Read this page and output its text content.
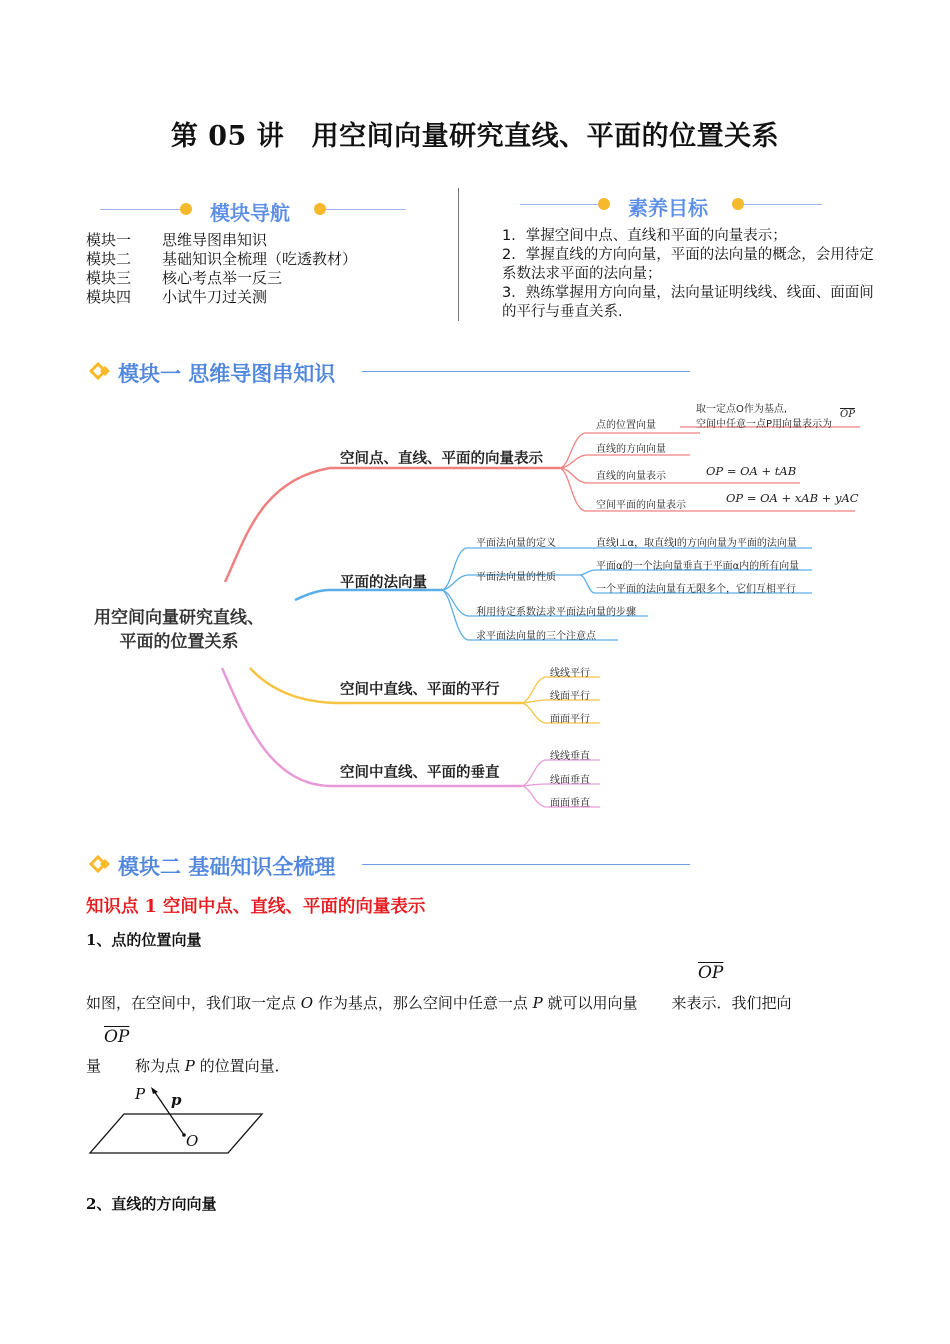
第 05 讲　用空间向量研究直线、平面的位置关系
模块导航
模块一 思维导图串知识
模块二 基础知识全梳理（吃透教材）
模块三 核心考点举一反三
模块四 小试牛刀过关测
素养目标
1．掌握空间中点、直线和平面的向量表示；
2．掌握直线的方向向量，平面的法向量的概念，会用待定系数法求平面的法向量；
3．熟练掌握用方向向量，法向量证明线线、线面、面面间的平行与垂直关系.
模块一 思维导图串知识
用空间向量研究直线、
平面的位置关系
空间点、直线、平面的向量表示
点的位置向量
直线的方向向量
直线的向量表示
空间平面的向量表示
取一定点O作为基点,
空间中任意一点P用向量表示为
$\overline{OP}$
OP = OA + tAB
OP = OA + xAB + yAC
平面的法向量
平面法向量的定义
平面法向量的性质
利用待定系数法求平面法向量的步骤
求平面法向量的三个注意点
直线l⊥α，取直线l的方向向量为平面的法向量
平面α的一个法向量垂直于平面α内的所有向量
一个平面的法向量有无限多个，它们互相平行
空间中直线、平面的平行
线线平行
线面平行
面面平行
空间中直线、平面的垂直
线线垂直
线面垂直
面面垂直
模块二 基础知识全梳理
知识点 1 空间中点、直线、平面的向量表示
1、点的位置向量
$\overline{OP}$
如图，在空间中，我们取一定点 O 作为基点，那么空间中任意一点 P 就可以用向量 来表示．我们把向
$\overline{OP}$
量 称为点 P 的位置向量．
P p
O
2、直线的方向向量
